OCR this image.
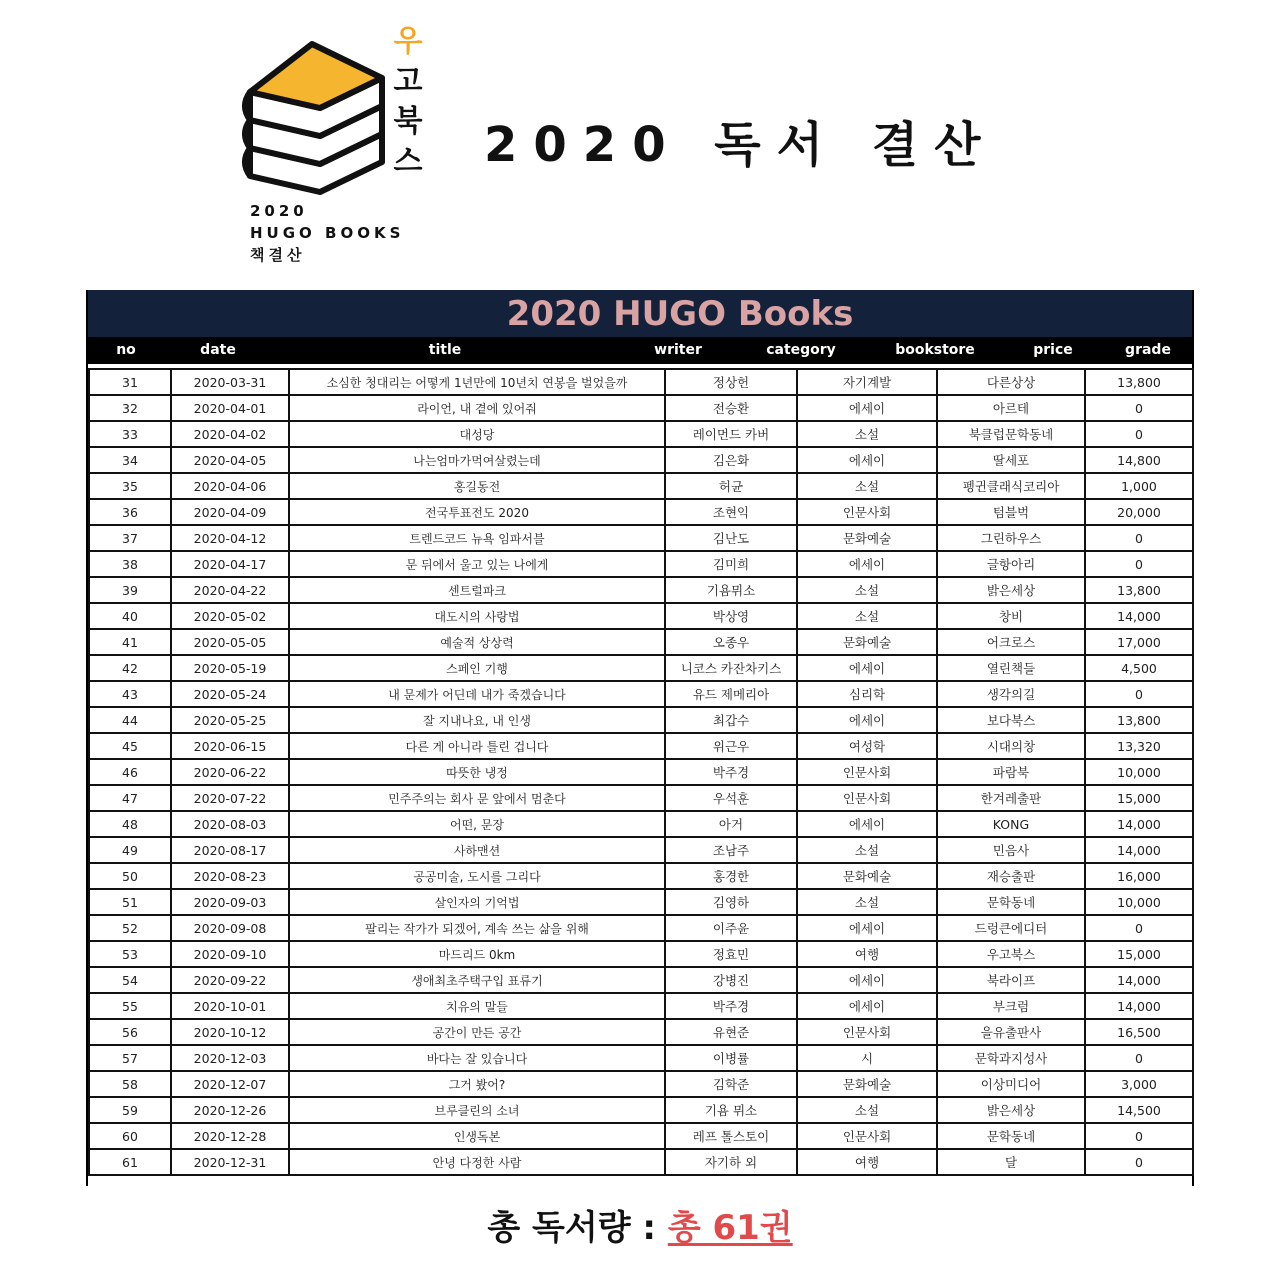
우
고
북
스
2020
HUGO BOOKS
책결산
2020 독서 결산
2020 HUGO Books
no	date	title	writer	category	bookstore	price	grade
31	2020-03-31	소심한 청대리는 어떻게 1년만에 10년치 연봉을 벌었을까	정상헌	자기계발	다른상상	13,800
32	2020-04-01	라이언, 내 곁에 있어줘	전승환	에세이	아르테	0
33	2020-04-02	대성당	레이먼드 카버	소설	북클럽문학동네	0
34	2020-04-05	나는엄마가먹여살렸는데	김은화	에세이	딸세포	14,800
35	2020-04-06	홍길동전	허균	소설	펭귄클래식코리아	1,000
36	2020-04-09	전국투표전도 2020	조현익	인문사회	텀블벅	20,000
37	2020-04-12	트렌드코드 뉴욕 임파서블	김난도	문화예술	그린하우스	0
38	2020-04-17	문 뒤에서 울고 있는 나에게	김미희	에세이	글항아리	0
39	2020-04-22	센트럴파크	기욤뮈소	소설	밝은세상	13,800
40	2020-05-02	대도시의 사랑법	박상영	소설	창비	14,000
41	2020-05-05	예술적 상상력	오종우	문화예술	어크로스	17,000
42	2020-05-19	스페인 기행	니코스 카잔차키스	에세이	열린책들	4,500
43	2020-05-24	내 문제가 어딘데 내가 죽겠습니다	유드 제메리아	심리학	생각의길	0
44	2020-05-25	잘 지내나요, 내 인생	최갑수	에세이	보다북스	13,800
45	2020-06-15	다른 게 아니라 틀린 겁니다	위근우	여성학	시대의창	13,320
46	2020-06-22	따뜻한 냉정	박주경	인문사회	파람북	10,000
47	2020-07-22	민주주의는 회사 문 앞에서 멈춘다	우석훈	인문사회	한겨레출판	15,000
48	2020-08-03	어떤, 문장	아거	에세이	KONG	14,000
49	2020-08-17	사하맨션	조남주	소설	민음사	14,000
50	2020-08-23	공공미술, 도시를 그리다	홍경한	문화예술	재승출판	16,000
51	2020-09-03	살인자의 기억법	김영하	소설	문학동네	10,000
52	2020-09-08	팔리는 작가가 되겠어, 계속 쓰는 삶을 위해	이주윤	에세이	드렁큰에디터	0
53	2020-09-10	마드리드 0km	정효민	여행	우고북스	15,000
54	2020-09-22	생애최초주택구입 표류기	강병진	에세이	북라이프	14,000
55	2020-10-01	치유의 말들	박주경	에세이	부크럼	14,000
56	2020-10-12	공간이 만든 공간	유현준	인문사회	을유출판사	16,500
57	2020-12-03	바다는 잘 있습니다	이병률	시	문학과지성사	0
58	2020-12-07	그거 봤어?	김학준	문화예술	이상미디어	3,000
59	2020-12-26	브루클린의 소녀	기욤 뮈소	소설	밝은세상	14,500
60	2020-12-28	인생독본	레프 톨스토이	인문사회	문학동네	0
61	2020-12-31	안녕 다정한 사람	자기하 외	여행	달	0
총 독서량 : 총 61권
